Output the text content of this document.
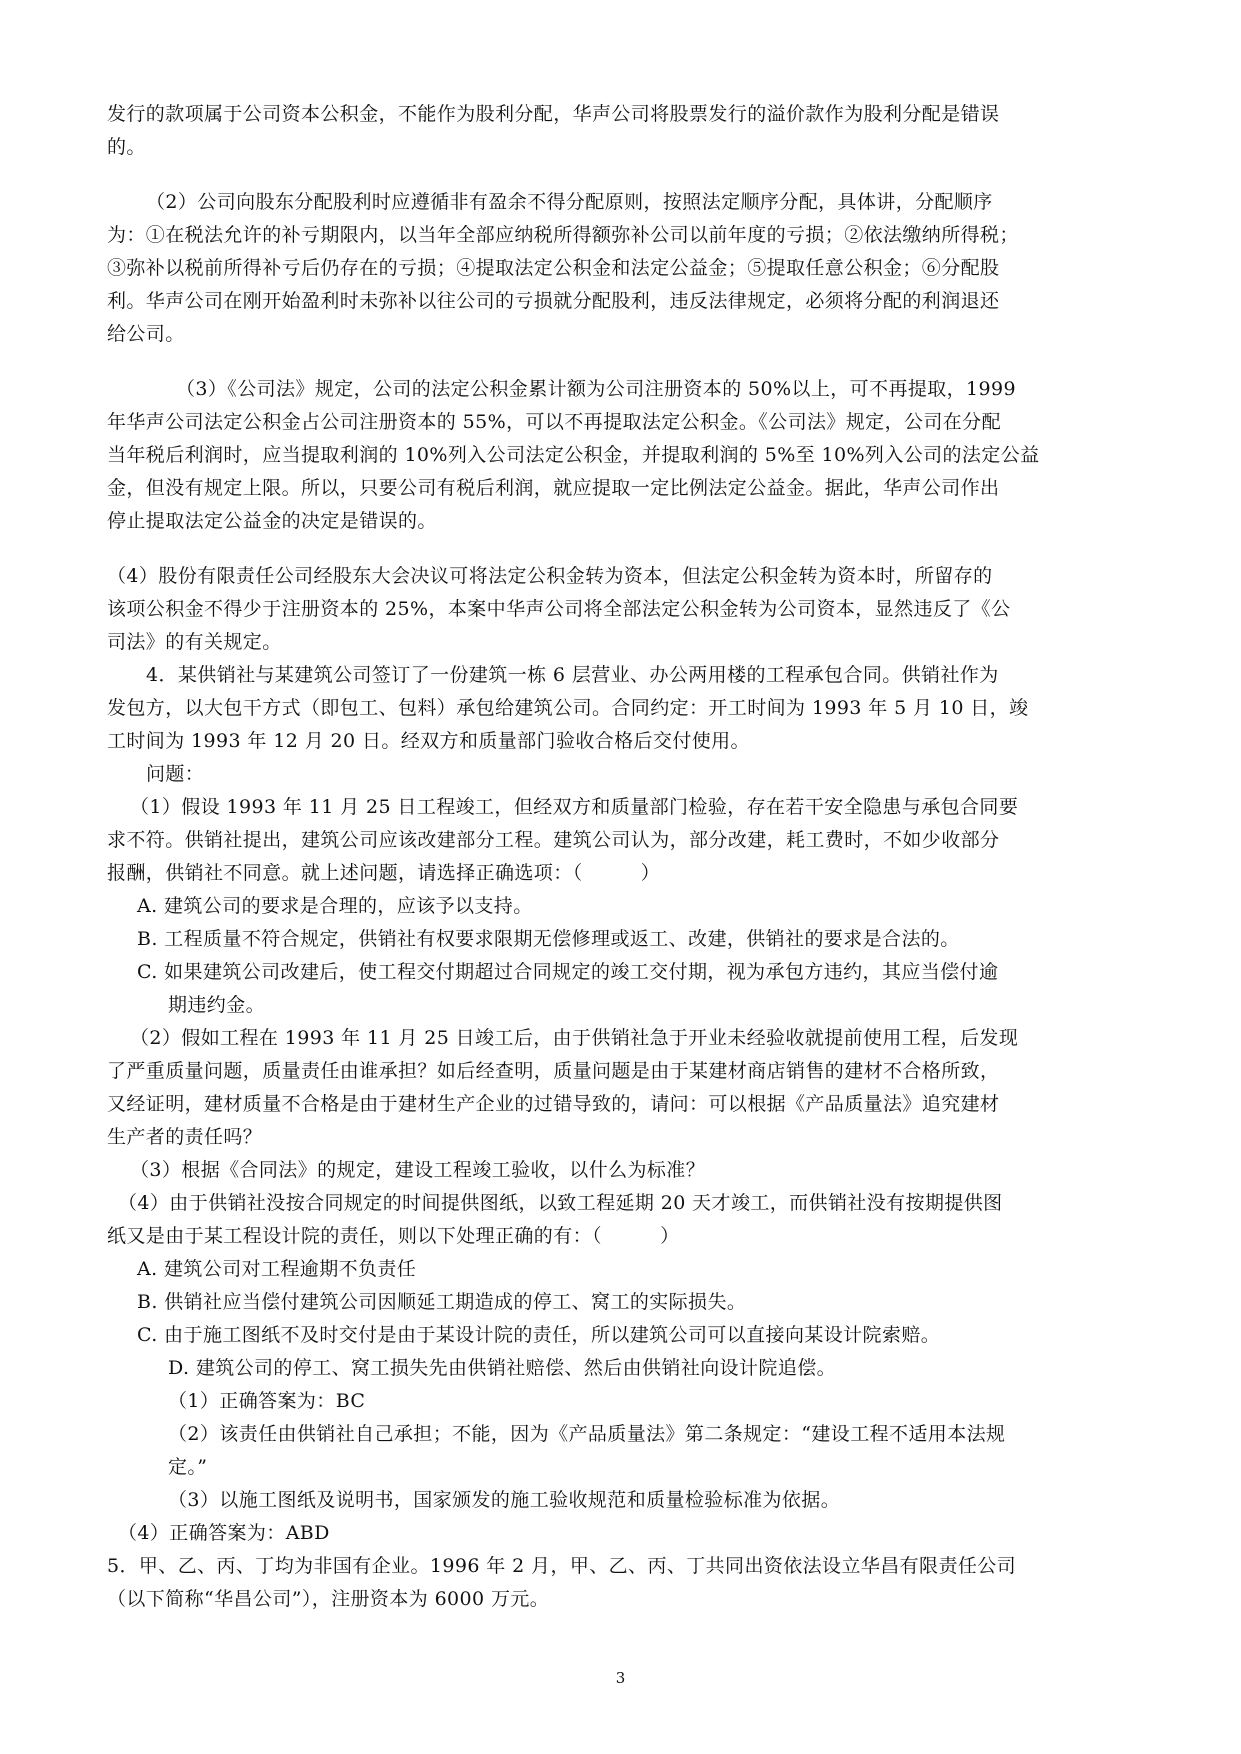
发行的款项属于公司资本公积金，不能作为股利分配，华声公司将股票发行的溢价款作为股利分配是错误
的。
（2）公司向股东分配股利时应遵循非有盈余不得分配原则，按照法定顺序分配，具体讲，分配顺序
为：①在税法允许的补亏期限内，以当年全部应纳税所得额弥补公司以前年度的亏损；②依法缴纳所得税；
③弥补以税前所得补亏后仍存在的亏损；④提取法定公积金和法定公益金；⑤提取任意公积金；⑥分配股
利。华声公司在刚开始盈利时未弥补以往公司的亏损就分配股利，违反法律规定，必须将分配的利润退还
给公司。
（3）《公司法》规定，公司的法定公积金累计额为公司注册资本的 50%以上，可不再提取，1999
年华声公司法定公积金占公司注册资本的 55%，可以不再提取法定公积金。《公司法》规定，公司在分配
当年税后利润时，应当提取利润的 10%列入公司法定公积金，并提取利润的 5%至 10%列入公司的法定公益
金，但没有规定上限。所以，只要公司有税后利润，就应提取一定比例法定公益金。据此，华声公司作出
停止提取法定公益金的决定是错误的。
（4）股份有限责任公司经股东大会决议可将法定公积金转为资本，但法定公积金转为资本时，所留存的
该项公积金不得少于注册资本的 25%，本案中华声公司将全部法定公积金转为公司资本，显然违反了《公
司法》的有关规定。
4．某供销社与某建筑公司签订了一份建筑一栋 6 层营业、办公两用楼的工程承包合同。供销社作为
发包方，以大包干方式（即包工、包料）承包给建筑公司。合同约定：开工时间为 1993 年 5 月 10 日，竣
工时间为 1993 年 12 月 20 日。经双方和质量部门验收合格后交付使用。
问题：
（1）假设 1993 年 11 月 25 日工程竣工，但经双方和质量部门检验，存在若干安全隐患与承包合同要
求不符。供销社提出，建筑公司应该改建部分工程。建筑公司认为，部分改建，耗工费时，不如少收部分
报酬，供销社不同意。就上述问题，请选择正确选项：（　　　）
A. 建筑公司的要求是合理的，应该予以支持。
B. 工程质量不符合规定，供销社有权要求限期无偿修理或返工、改建，供销社的要求是合法的。
C. 如果建筑公司改建后，使工程交付期超过合同规定的竣工交付期，视为承包方违约，其应当偿付逾
期违约金。
（2）假如工程在 1993 年 11 月 25 日竣工后，由于供销社急于开业未经验收就提前使用工程，后发现
了严重质量问题，质量责任由谁承担？如后经查明，质量问题是由于某建材商店销售的建材不合格所致，
又经证明，建材质量不合格是由于建材生产企业的过错导致的，请问：可以根据《产品质量法》追究建材
生产者的责任吗？
（3）根据《合同法》的规定，建设工程竣工验收，以什么为标准？
（4）由于供销社没按合同规定的时间提供图纸，以致工程延期 20 天才竣工，而供销社没有按期提供图
纸又是由于某工程设计院的责任，则以下处理正确的有：（　　　）
A. 建筑公司对工程逾期不负责任
B. 供销社应当偿付建筑公司因顺延工期造成的停工、窝工的实际损失。
C. 由于施工图纸不及时交付是由于某设计院的责任，所以建筑公司可以直接向某设计院索赔。
D. 建筑公司的停工、窝工损失先由供销社赔偿、然后由供销社向设计院追偿。
（1）正确答案为：BC
（2）该责任由供销社自己承担；不能，因为《产品质量法》第二条规定：“建设工程不适用本法规
定。”
（3）以施工图纸及说明书，国家颁发的施工验收规范和质量检验标准为依据。
（4）正确答案为：ABD
5．甲、乙、丙、丁均为非国有企业。1996 年 2 月，甲、乙、丙、丁共同出资依法设立华昌有限责任公司
（以下简称“华昌公司”），注册资本为 6000 万元。
3
